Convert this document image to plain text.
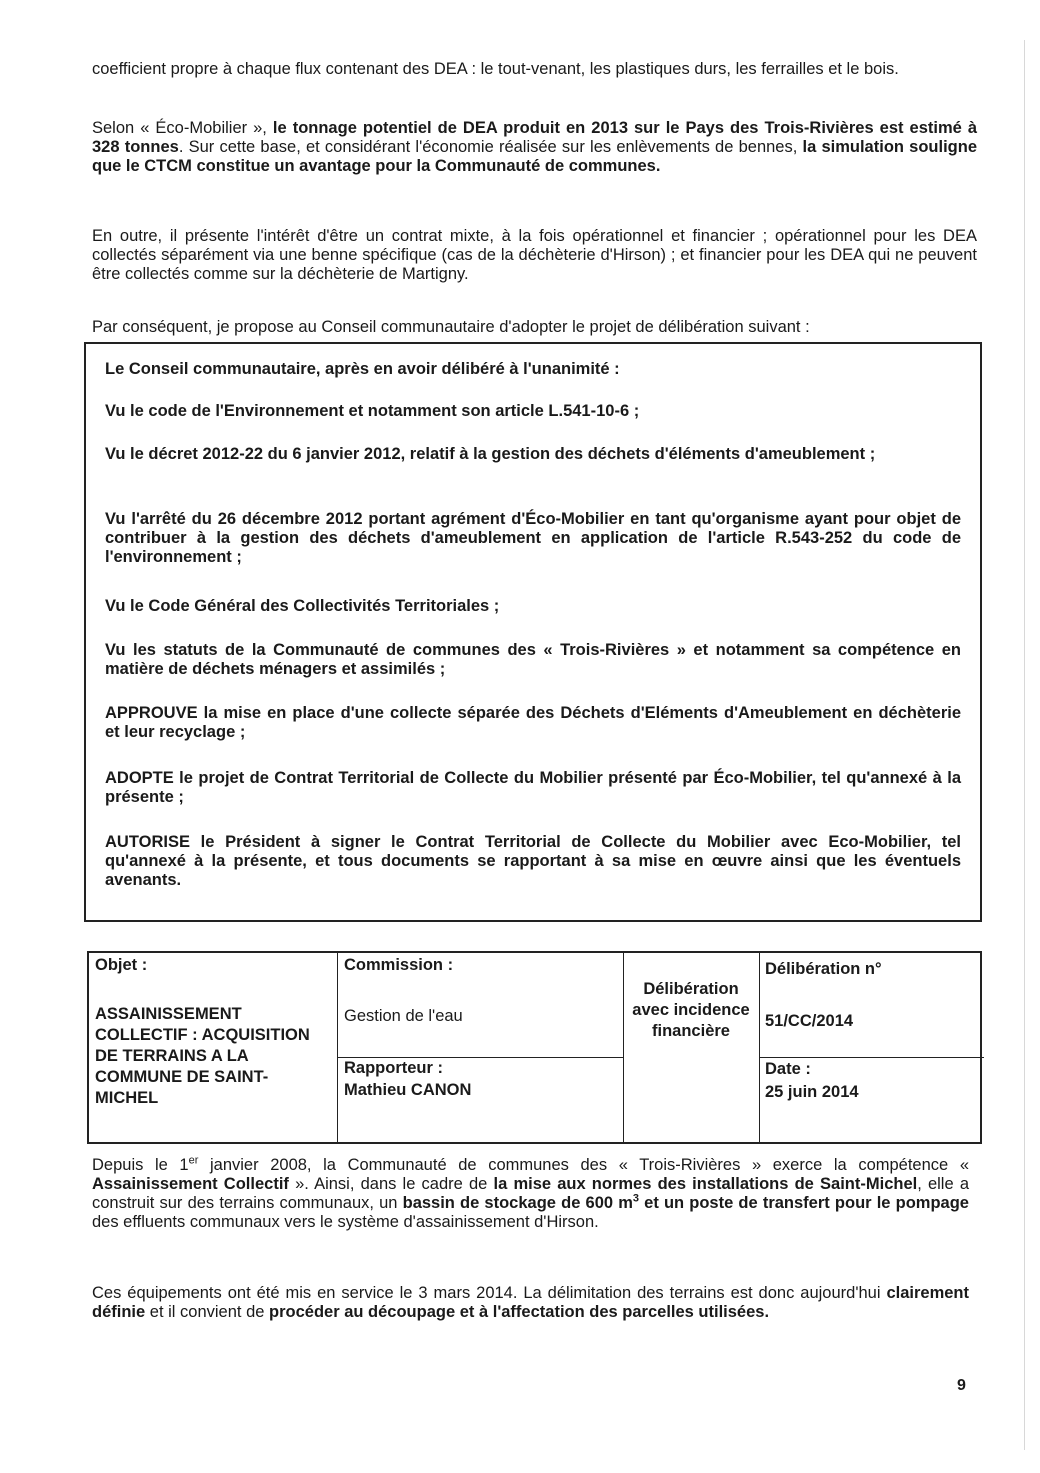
coefficient propre à chaque flux contenant des DEA : le tout-venant, les plastiques durs, les ferrailles et le bois.

Selon « Éco-Mobilier », le tonnage potentiel de DEA produit en 2013 sur le Pays des Trois-Rivières est estimé à 328 tonnes. Sur cette base, et considérant l'économie réalisée sur les enlèvements de bennes, la simulation souligne que le CTCM constitue un avantage pour la Communauté de communes.

En outre, il présente l'intérêt d'être un contrat mixte, à la fois opérationnel et financier ; opérationnel pour les DEA collectés séparément via une benne spécifique (cas de la déchèterie d'Hirson) ; et financier pour les DEA qui ne peuvent être collectés comme sur la déchèterie de Martigny.

Par conséquent, je propose au Conseil communautaire d'adopter le projet de délibération suivant :

Le Conseil communautaire, après en avoir délibéré à l'unanimité :

Vu le code de l'Environnement et notamment son article L.541-10-6 ;

Vu le décret 2012-22 du 6 janvier 2012, relatif à la gestion des déchets d'éléments d'ameublement ;

Vu l'arrêté du 26 décembre 2012 portant agrément d'Éco-Mobilier en tant qu'organisme ayant pour objet de contribuer à la gestion des déchets d'ameublement en application de l'article R.543-252 du code de l'environnement ;

Vu le Code Général des Collectivités Territoriales ;

Vu les statuts de la Communauté de communes des « Trois-Rivières » et notamment sa compétence en matière de déchets ménagers et assimilés ;

APPROUVE la mise en place d'une collecte séparée des Déchets d'Eléments d'Ameublement en déchèterie et leur recyclage ;

ADOPTE le projet de Contrat Territorial de Collecte du Mobilier présenté par Éco-Mobilier, tel qu'annexé à la présente ;

AUTORISE le Président à signer le Contrat Territorial de Collecte du Mobilier avec Eco-Mobilier, tel qu'annexé à la présente, et tous documents se rapportant à sa mise en œuvre ainsi que les éventuels avenants.

Objet :
ASSAINISSEMENT COLLECTIF : ACQUISITION DE TERRAINS A LA COMMUNE DE SAINT-MICHEL
Commission :
Gestion de l'eau
Rapporteur :
Mathieu CANON
Délibération avec incidence financière
Délibération n°
51/CC/2014
Date :
25 juin 2014

Depuis le 1er janvier 2008, la Communauté de communes des « Trois-Rivières » exerce la compétence « Assainissement Collectif ». Ainsi, dans le cadre de la mise aux normes des installations de Saint-Michel, elle a construit sur des terrains communaux, un bassin de stockage de 600 $m^3$ et un poste de transfert pour le pompage des effluents communaux vers le système d'assainissement d'Hirson.

Ces équipements ont été mis en service le 3 mars 2014. La délimitation des terrains est donc aujourd'hui clairement définie et il convient de procéder au découpage et à l'affectation des parcelles utilisées.

9
